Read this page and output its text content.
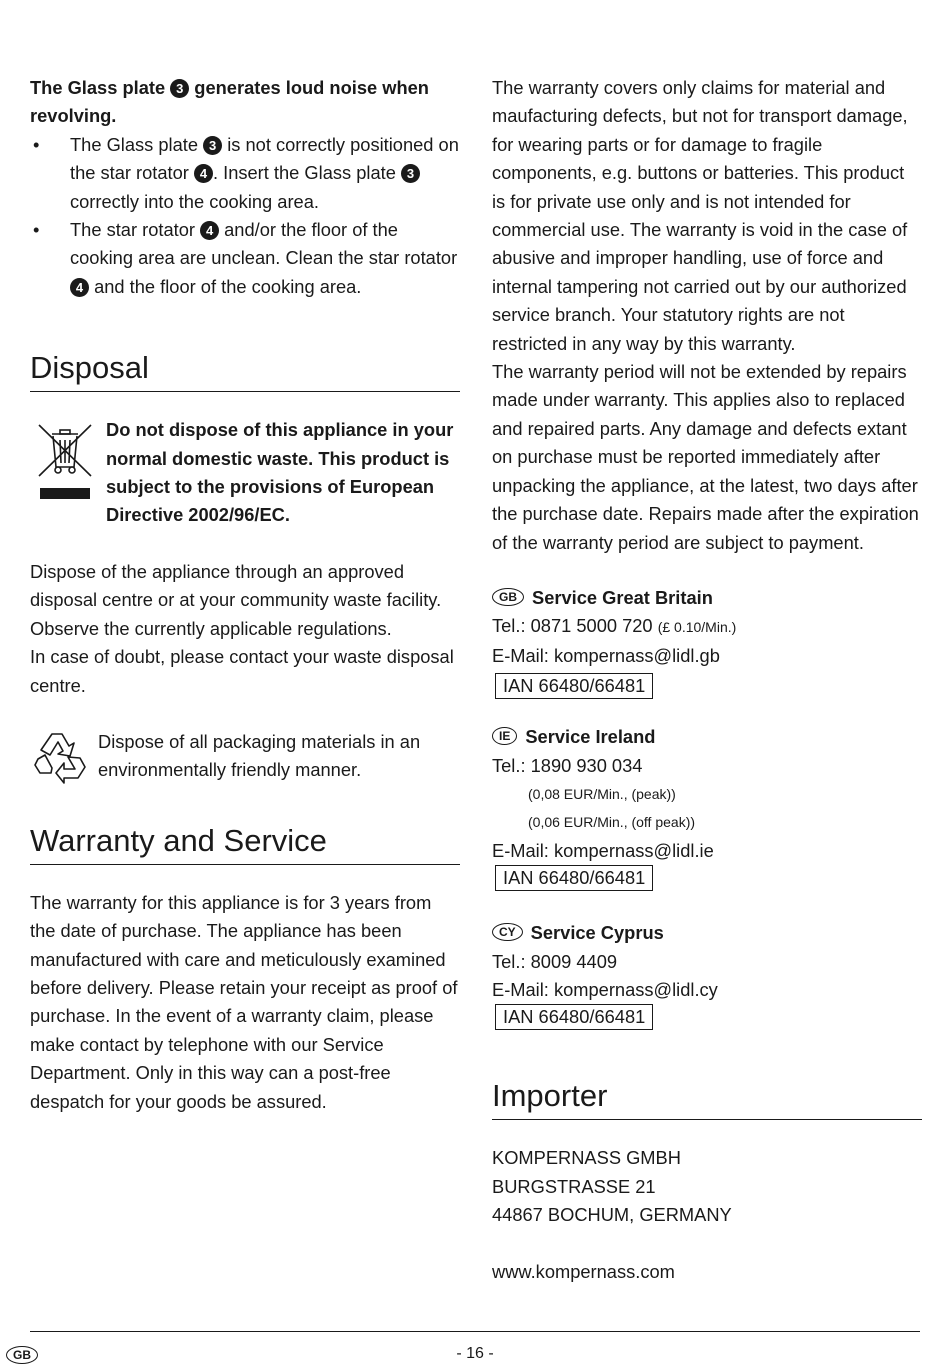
The Glass plate 3 generates loud noise when revolving.

• The Glass plate 3 is not correctly positioned on the star rotator 4 . Insert the Glass plate 3 correctly into the cooking area.
• The star rotator 4 and/or the floor of the cooking area are unclean. Clean the star rotator 4 and the floor of the cooking area.
Disposal

Do not dispose of this appliance in your normal domestic waste. This product is subject to the provisions of European Directive 2002/96/EC.

Dispose of the appliance through an approved disposal centre or at your community waste facility.

Observe the currently applicable regulations.

In case of doubt, please contact your waste disposal centre.

Dispose of all packaging materials in an environmentally friendly manner.

Warranty and Service

The warranty for this appliance is for 3 years from the date of purchase. The appliance has been manufactured with care and meticulously examined before delivery. Please retain your receipt as proof of purchase. In the event of a warranty claim, please make contact by telephone with our Service Department. Only in this way can a post-free despatch for your goods be assured.

The warranty covers only claims for material and maufacturing defects, but not for transport damage, for wearing parts or for damage to fragile components, e.g. buttons or batteries. This product is for private use only and is not intended for commercial use. The warranty is void in the case of abusive and improper handling, use of force and internal tampering not carried out by our authorized service branch. Your statutory rights are not restricted in any way by this warranty.

The warranty period will not be extended by repairs made under warranty. This applies also to replaced and repaired parts. Any damage and defects extant on purchase must be reported immediately after unpacking the appliance, at the latest, two days after the purchase date. Repairs made after the expiration of the warranty period are subject to payment.

GB Service Great Britain

Tel.: 0871 5000 720 (£ 0.10/Min.)

E-Mail: kompernass@lidl.gb

IAN 66480/66481

IE Service Ireland

Tel.: 1890 930 034

(0,08 EUR/Min., (peak))
(0,06 EUR/Min., (off peak))

E-Mail: kompernass@lidl.ie

IAN 66480/66481

CY Service Cyprus

Tel.: 8009 4409

E-Mail: kompernass@lidl.cy

IAN 66480/66481
Importer

KOMPERNASS GMBH

BURGSTRASSE 21

44867 BOCHUM, GERMANY

www.kompernass.com

GB	- 16 -
